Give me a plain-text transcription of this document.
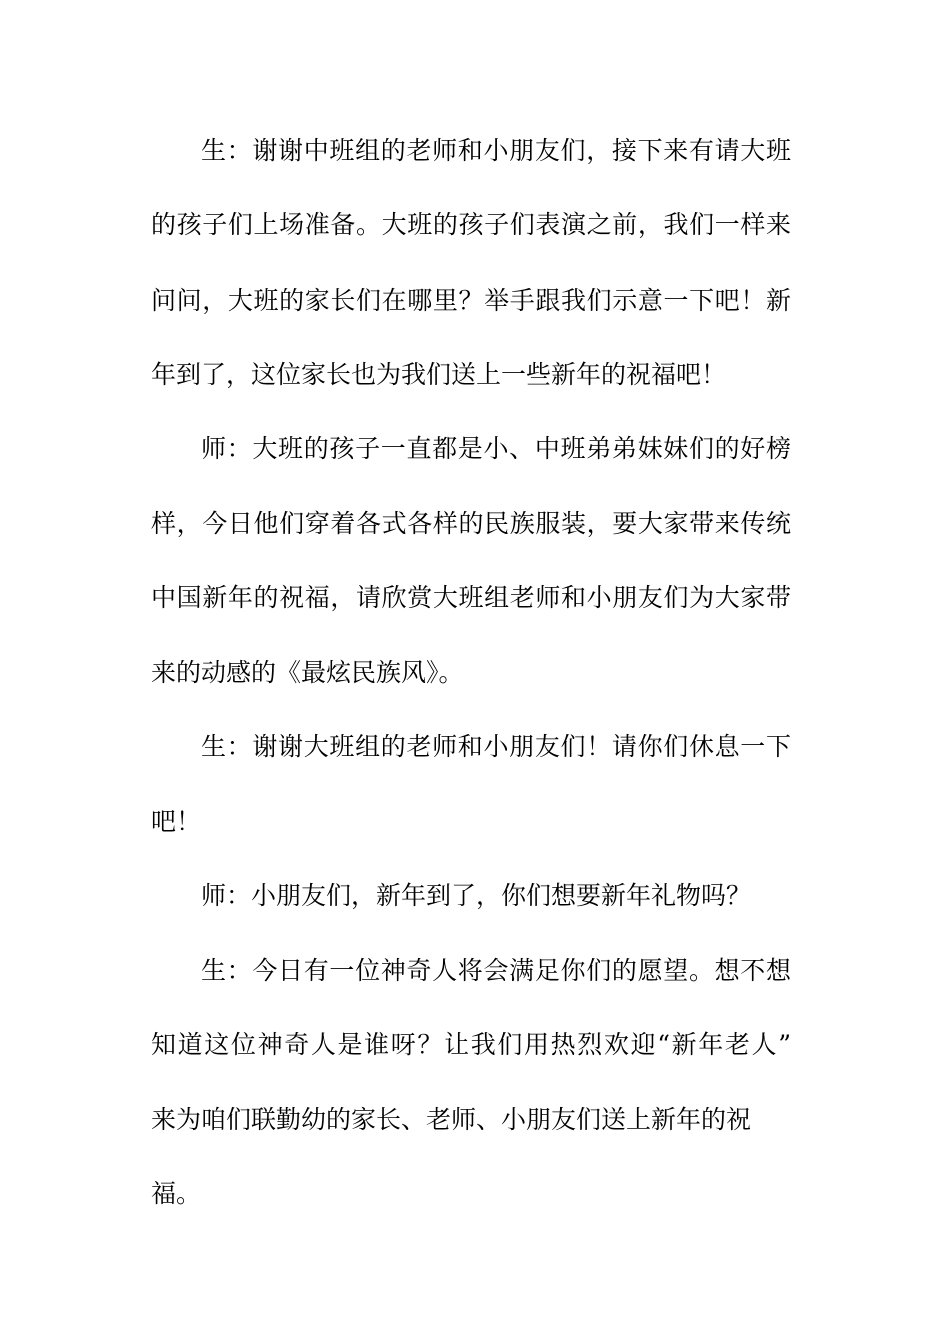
生：谢谢中班组的老师和小朋友们，接下来有请大班

的孩子们上场准备。大班的孩子们表演之前，我们一样来

问问，大班的家长们在哪里？举手跟我们示意一下吧！新

年到了，这位家长也为我们送上一些新年的祝福吧！

师：大班的孩子一直都是小、中班弟弟妹妹们的好榜

样，今日他们穿着各式各样的民族服装，要大家带来传统

中国新年的祝福，请欣赏大班组老师和小朋友们为大家带

来的动感的《最炫民族风》。

生：谢谢大班组的老师和小朋友们！请你们休息一下

吧！

师：小朋友们，新年到了，你们想要新年礼物吗？

生：今日有一位神奇人将会满足你们的愿望。想不想

知道这位神奇人是谁呀？让我们用热烈欢迎“新年老人”

来为咱们联勤幼的家长、老师、小朋友们送上新年的祝

福。
